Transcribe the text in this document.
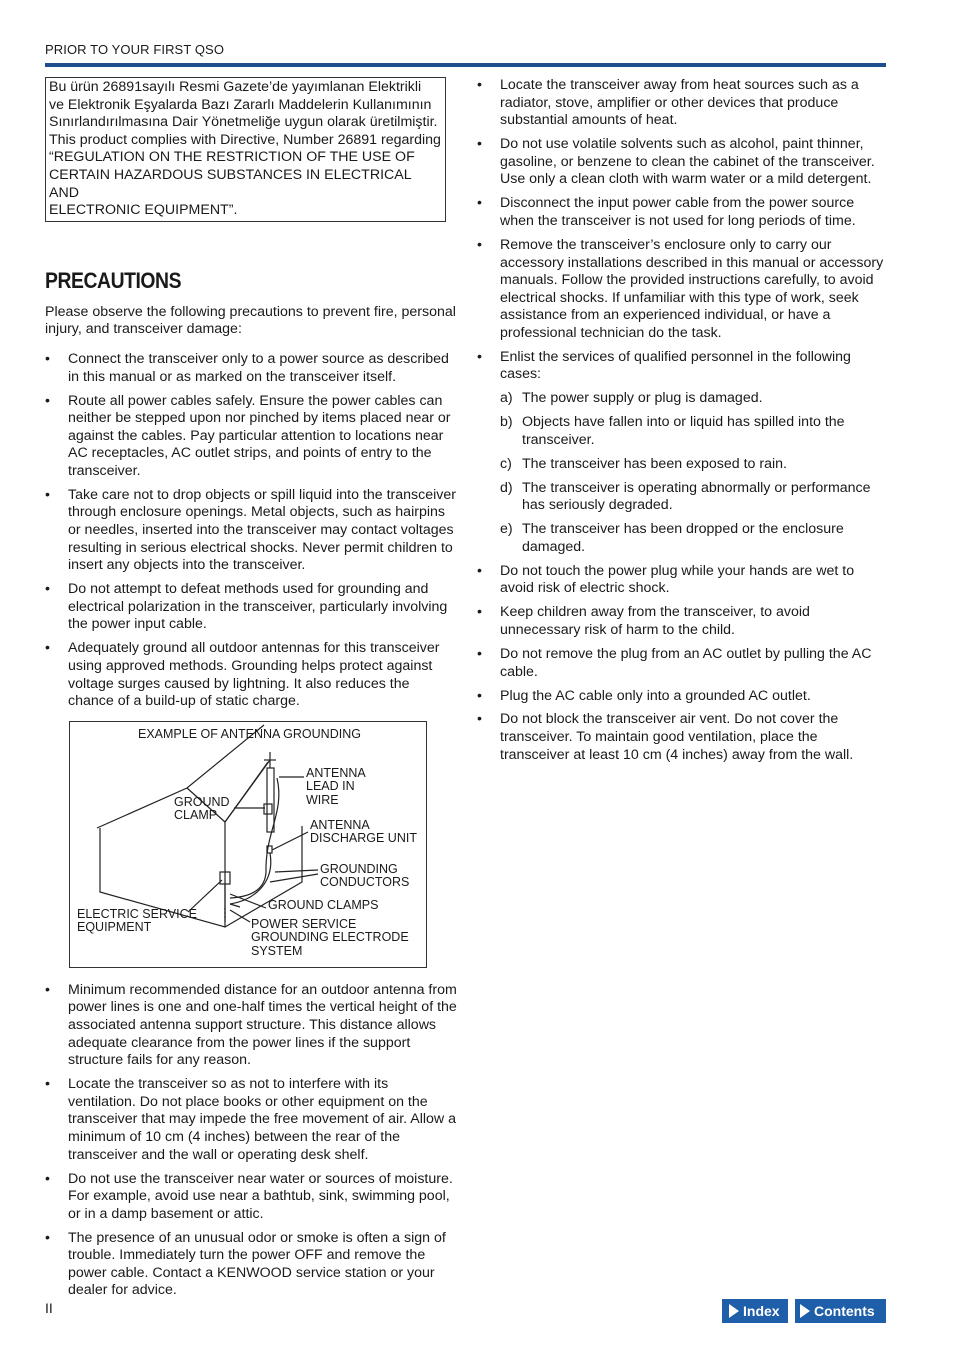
PRIOR TO YOUR FIRST QSO

Bu ürün 26891sayılı Resmi Gazete’de yayımlanan Elektrikli

ve Elektronik Eşyalarda Bazı Zararlı Maddelerin Kullanımının

Sınırlandırılmasına Dair Yönetmeliğe uygun olarak üretilmiştir.

This product complies with Directive, Number 26891 regarding

“REGULATION ON THE RESTRICTION OF THE USE OF

CERTAIN HAZARDOUS SUBSTANCES IN ELECTRICAL AND

ELECTRONIC EQUIPMENT”.

PRECAUTIONS

Please observe the following precautions to prevent fire, personal injury, and transceiver damage:

• Connect the transceiver only to a power source as described in this manual or as marked on the transceiver itself.
• Route all power cables safely. Ensure the power cables can neither be stepped upon nor pinched by items placed near or against the cables. Pay particular attention to locations near AC receptacles, AC outlet strips, and points of entry to the transceiver.
• Take care not to drop objects or spill liquid into the transceiver through enclosure openings. Metal objects, such as hairpins or needles, inserted into the transceiver may contact voltages resulting in serious electrical shocks. Never permit children to insert any objects into the transceiver.
• Do not attempt to defeat methods used for grounding and electrical polarization in the transceiver, particularly involving the power input cable.
• Adequately ground all outdoor antennas for this transceiver using approved methods. Grounding helps protect against voltage surges caused by lightning. It also reduces the chance of a build-up of static charge.
EXAMPLE OF ANTENNA GROUNDING
ANTENNA
LEAD IN
WIRE
GROUND
CLAMP
ANTENNA
DISCHARGE UNIT
GROUNDING
CONDUCTORS
GROUND CLAMPS
ELECTRIC SERVICE
EQUIPMENT	POWER SERVICE
GROUNDING ELECTRODE
SYSTEM
• Minimum recommended distance for an outdoor antenna from power lines is one and one-half times the vertical height of the associated antenna support structure. This distance allows adequate clearance from the power lines if the support structure fails for any reason.
• Locate the transceiver so as not to interfere with its ventilation. Do not place books or other equipment on the transceiver that may impede the free movement of air. Allow a minimum of 10 cm (4 inches) between the rear of the transceiver and the wall or operating desk shelf.
• Do not use the transceiver near water or sources of moisture. For example, avoid use near a bathtub, sink, swimming pool, or in a damp basement or attic.
• The presence of an unusual odor or smoke is often a sign of trouble. Immediately turn the power OFF and remove the power cable. Contact a KENWOOD service station or your dealer for advice.
• Locate the transceiver away from heat sources such as a radiator, stove, amplifier or other devices that produce substantial amounts of heat.
• Do not use volatile solvents such as alcohol, paint thinner, gasoline, or benzene to clean the cabinet of the transceiver. Use only a clean cloth with warm water or a mild detergent.
• Disconnect the input power cable from the power source when the transceiver is not used for long periods of time.
• Remove the transceiver’s enclosure only to carry our accessory installations described in this manual or accessory manuals. Follow the provided instructions carefully, to avoid electrical shocks. If unfamiliar with this type of work, seek assistance from an experienced individual, or have a professional technician do the task.
• Enlist the services of qualified personnel in the following cases:
a) The power supply or plug is damaged.
b) Objects have fallen into or liquid has spilled into the transceiver.
c) The transceiver has been exposed to rain.
d) The transceiver is operating abnormally or performance has seriously degraded.
e) The transceiver has been dropped or the enclosure damaged.
• Do not touch the power plug while your hands are wet to avoid risk of electric shock.
• Keep children away from the transceiver, to avoid unnecessary risk of harm to the child.
• Do not remove the plug from an AC outlet by pulling the AC cable.
• Plug the AC cable only into a grounded AC outlet.
• Do not block the transceiver air vent. Do not cover the transceiver. To maintain good ventilation, place the transceiver at least 10 cm (4 inches) away from the wall.
II	Index Contents
